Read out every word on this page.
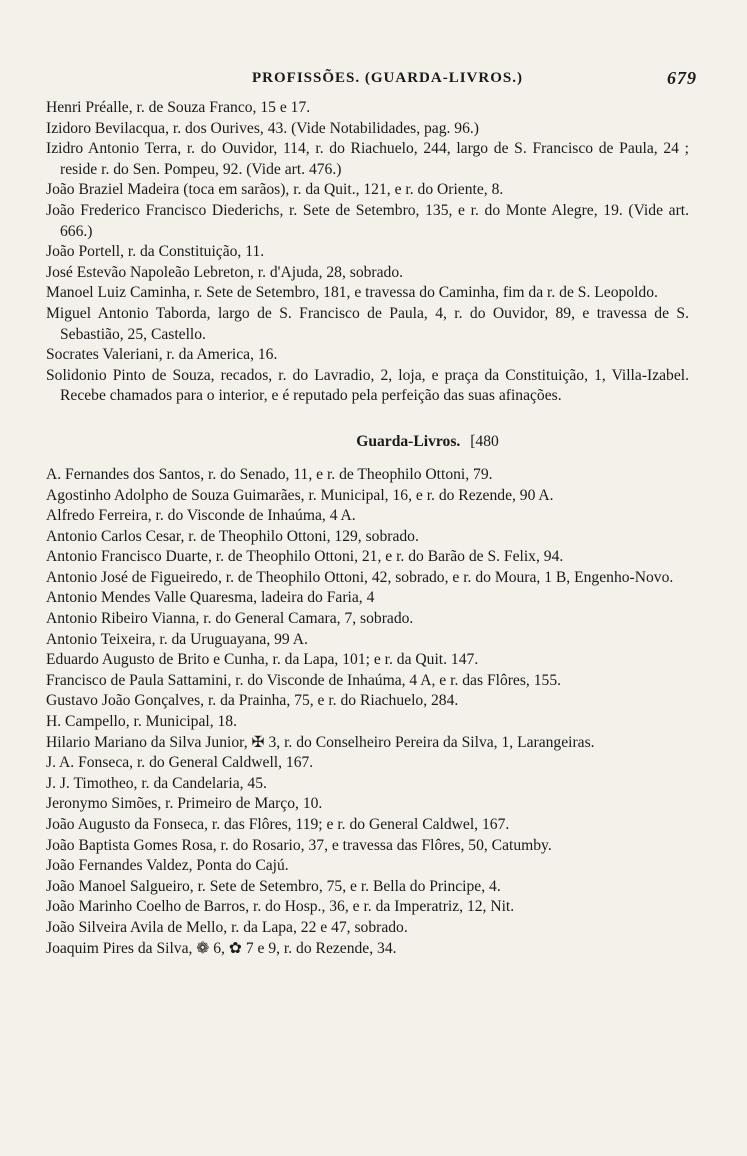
PROFISSÕES. (GUARDA-LIVROS.)	679
Henri Préalle, r. de Souza Franco, 15 e 17.
Izidoro Bevilacqua, r. dos Ourives, 43. (Vide Notabilidades, pag. 96.)
Izidro Antonio Terra, r. do Ouvidor, 114, r. do Riachuelo, 244, largo de S. Francisco de Paula, 24 ; reside r. do Sen. Pompeu, 92. (Vide art. 476.)
João Braziel Madeira (toca em sarãos), r. da Quit., 121, e r. do Oriente, 8.
João Frederico Francisco Diederichs, r. Sete de Setembro, 135, e r. do Monte Alegre, 19. (Vide art. 666.)
João Portell, r. da Constituição, 11.
José Estevão Napoleão Lebreton, r. d'Ajuda, 28, sobrado.
Manoel Luiz Caminha, r. Sete de Setembro, 181, e travessa do Caminha, fim da r. de S. Leopoldo.
Miguel Antonio Taborda, largo de S. Francisco de Paula, 4, r. do Ouvidor, 89, e travessa de S. Sebastião, 25, Castello.
Socrates Valeriani, r. da America, 16.
Solidonio Pinto de Souza, recados, r. do Lavradio, 2, loja, e praça da Constituição, 1, Villa-Izabel. Recebe chamados para o interior, e é reputado pela perfeição das suas afinações.
Guarda-Livros. [480
A. Fernandes dos Santos, r. do Senado, 11, e r. de Theophilo Ottoni, 79.
Agostinho Adolpho de Souza Guimarães, r. Municipal, 16, e r. do Rezende, 90 A.
Alfredo Ferreira, r. do Visconde de Inhaúma, 4 A.
Antonio Carlos Cesar, r. de Theophilo Ottoni, 129, sobrado.
Antonio Francisco Duarte, r. de Theophilo Ottoni, 21, e r. do Barão de S. Felix, 94.
Antonio José de Figueiredo, r. de Theophilo Ottoni, 42, sobrado, e r. do Moura, 1 B, Engenho-Novo.
Antonio Mendes Valle Quaresma, ladeira do Faria, 4
Antonio Ribeiro Vianna, r. do General Camara, 7, sobrado.
Antonio Teixeira, r. da Uruguayana, 99 A.
Eduardo Augusto de Brito e Cunha, r. da Lapa, 101; e r. da Quit. 147.
Francisco de Paula Sattamini, r. do Visconde de Inhaúma, 4 A, e r. das Flôres, 155.
Gustavo João Gonçalves, r. da Prainha, 75, e r. do Riachuelo, 284.
H. Campello, r. Municipal, 18.
Hilario Mariano da Silva Junior, ✠ 3, r. do Conselheiro Pereira da Silva, 1, Larangeiras.
J. A. Fonseca, r. do General Caldwell, 167.
J. J. Timotheo, r. da Candelaria, 45.
Jeronymo Simões, r. Primeiro de Março, 10.
João Augusto da Fonseca, r. das Flôres, 119; e r. do General Caldwel, 167.
João Baptista Gomes Rosa, r. do Rosario, 37, e travessa das Flôres, 50, Catumby.
João Fernandes Valdez, Ponta do Cajú.
João Manoel Salgueiro, r. Sete de Setembro, 75, e r. Bella do Principe, 4.
João Marinho Coelho de Barros, r. do Hosp., 36, e r. da Imperatriz, 12, Nit.
João Silveira Avila de Mello, r. da Lapa, 22 e 47, sobrado.
Joaquim Pires da Silva, ❁ 6, ✿ 7 e 9, r. do Rezende, 34.
